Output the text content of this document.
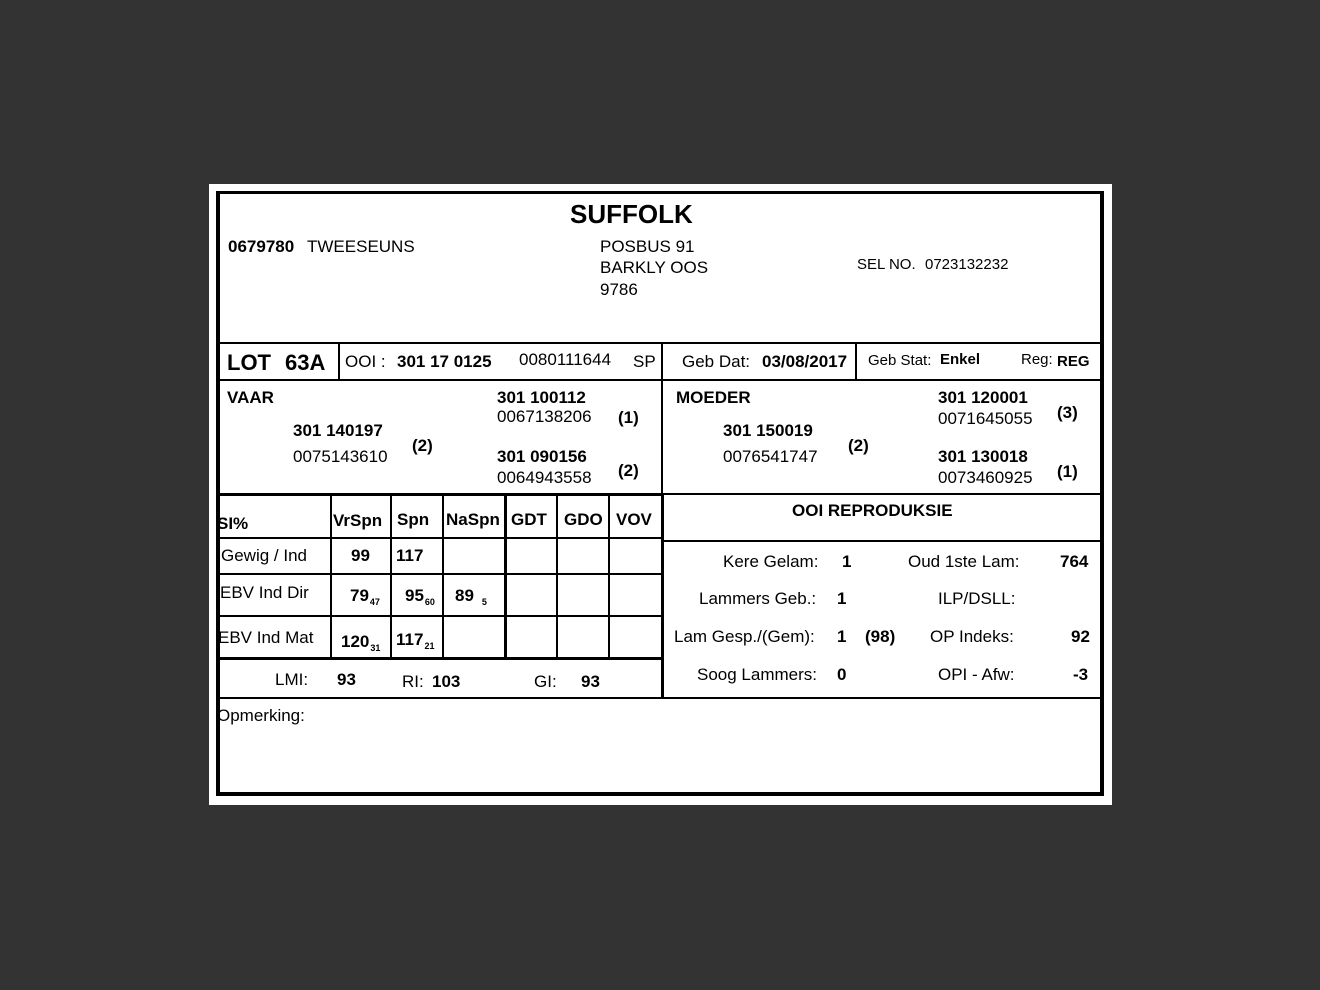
SUFFOLK
0679780 TWEESEUNS	POSBUS 91
BARKLY OOS
9786
SEL NO. 0723132232
LOT 63A OOI : 301 17 0125 0080111644 SP Geb Dat: 03/08/2017 Geb Stat: Enkel	Reg: REG
VAAR
301 140197
0075143610
(2)
301 100112
0067138206 (1)
301 090156
0064943558 (2)
MOEDER
301 150019
0076541747
(2)
301 120001
0071645055 (3)
301 130018
0073460925 (1)
SI%	VrSpn Spn NaSpn GDT GDO VOV
Gewig / Ind	99 117
EBV Ind Dir $79_{47}$ $95_{60}$ 89 $_5$
EBV Ind Mat $120_{31}$ $117_{21}$
LMI: 93	RI: 103	GI: 93
OOI REPRODUKSIE
Kere Gelam: 1	Oud 1ste Lam: 764
Lammers Geb.: 1	ILP/DSLL:
Lam Gesp./(Gem): 1 (98) OP Indeks:	92
Soog Lammers: 0	OPI - Afw:	-3
Opmerking:
